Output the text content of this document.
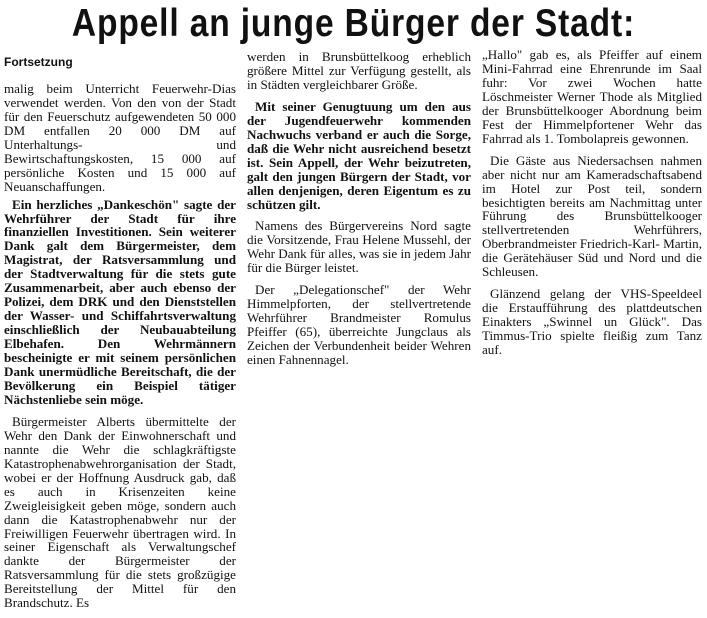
Appell an junge Bürger der Stadt:

Fortsetzung

malig beim Unterricht Feuerwehr-Dias verwendet werden. Von den von der Stadt für den Feuerschutz aufgewendeten 50 000 DM entfallen 20 000 DM auf Unterhaltungs- und Bewirtschaftungskosten, 15 000 auf persönliche Kosten und 15 000 auf Neuanschaffungen.

Ein herzliches „Dankeschön" sagte der Wehrführer der Stadt für ihre finanziellen Investitionen. Sein weiterer Dank galt dem Bürgermeister, dem Magistrat, der Ratsversammlung und der Stadtverwaltung für die stets gute Zusammenarbeit, aber auch ebenso der Polizei, dem DRK und den Dienststellen der Wasser- und Schiffahrtsverwaltung einschließlich der Neubauabteilung Elbehafen. Den Wehrmännern bescheinigte er mit seinem persönlichen Dank unermüdliche Bereitschaft, die der Bevölkerung ein Beispiel tätiger Nächstenliebe sein möge.

Bürgermeister Alberts übermittelte der Wehr den Dank der Einwohnerschaft und nannte die Wehr die schlagkräftigste Katastrophenabwehrorganisation der Stadt, wobei er der Hoffnung Ausdruck gab, daß es auch in Krisenzeiten keine Zweigleisigkeit geben möge, sondern auch dann die Katastrophenabwehr nur der Freiwilligen Feuerwehr übertragen wird. In seiner Eigenschaft als Verwaltungschef dankte der Bürgermeister der Ratsversammlung für die stets großzügige Bereitstellung der Mittel für den Brandschutz. Es

werden in Brunsbüttelkoog erheblich größere Mittel zur Verfügung gestellt, als in Städten vergleichbarer Größe.

Mit seiner Genugtuung um den aus der Jugendfeuerwehr kommenden Nachwuchs verband er auch die Sorge, daß die Wehr nicht ausreichend besetzt ist. Sein Appell, der Wehr beizutreten, galt den jungen Bürgern der Stadt, vor allen denjenigen, deren Eigentum es zu schützen gilt.

Namens des Bürgervereins Nord sagte die Vorsitzende, Frau Helene Mussehl, der Wehr Dank für alles, was sie in jedem Jahr für die Bürger leistet.

Der „Delegationschef" der Wehr Himmelpforten, der stellvertretende Wehrführer Brandmeister Romulus Pfeiffer (65), überreichte Jungclaus als Zeichen der Verbundenheit beider Wehren einen Fahnennagel.

„Hallo" gab es, als Pfeiffer auf einem Mini-Fahrrad eine Ehrenrunde im Saal fuhr: Vor zwei Wochen hatte Löschmeister Werner Thode als Mitglied der Brunsbüttelkooger Abordnung beim Fest der Himmelpfortener Wehr das Fahrrad als 1. Tombolapreis gewonnen.

Die Gäste aus Niedersachsen nahmen aber nicht nur am Kameradschaftsabend im Hotel zur Post teil, sondern besichtigten bereits am Nachmittag unter Führung des Brunsbüttelkooger stellvertretenden Wehrführers, Oberbrandmeister Friedrich-Karl- Martin, die Gerätehäuser Süd und Nord und die Schleusen.

Glänzend gelang der VHS-Speeldeel die Erstaufführung des plattdeutschen Einakters „Swinnel un Glück". Das Timmus-Trio spielte fleißig zum Tanz auf.
